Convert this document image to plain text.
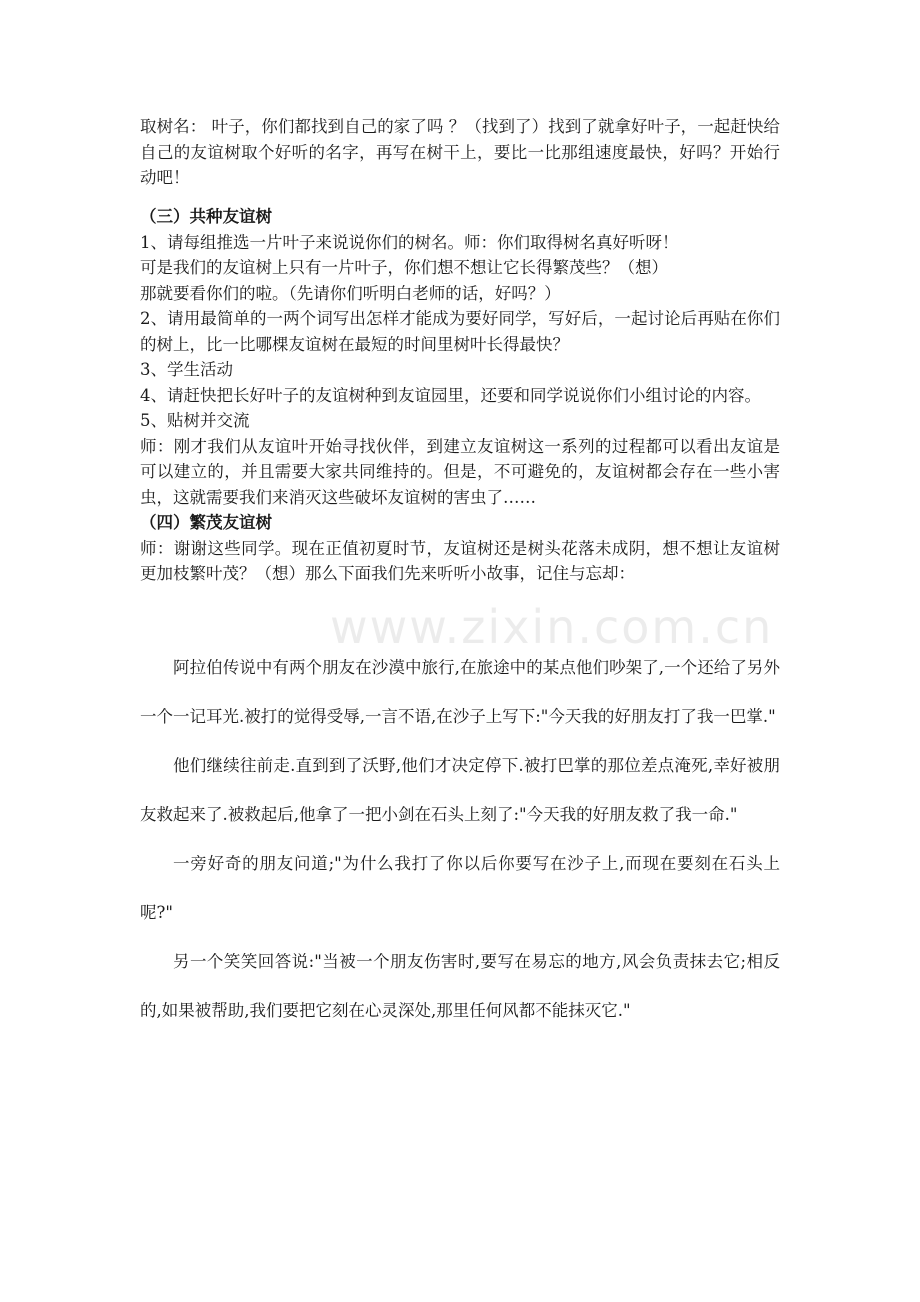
www.zixin.com.cn

取树名： 叶子，你们都找到自己的家了吗 ？（找到了）找到了就拿好叶子，一起赶快给自己的友谊树取个好听的名字，再写在树干上，要比一比那组速度最快，好吗？开始行动吧！

（三）共种友谊树

1、请每组推选一片叶子来说说你们的树名。师：你们取得树名真好听呀！

可是我们的友谊树上只有一片叶子，你们想不想让它长得繁茂些？（想）

那就要看你们的啦。（先请你们听明白老师的话，好吗？）

2、请用最简单的一两个词写出怎样才能成为要好同学，写好后，一起讨论后再贴在你们的树上，比一比哪棵友谊树在最短的时间里树叶长得最快？

3、学生活动

4、请赶快把长好叶子的友谊树种到友谊园里，还要和同学说说你们小组讨论的内容。

5、贴树并交流

师：刚才我们从友谊叶开始寻找伙伴，到建立友谊树这一系列的过程都可以看出友谊是可以建立的，并且需要大家共同维持的。但是，不可避免的，友谊树都会存在一些小害虫，这就需要我们来消灭这些破坏友谊树的害虫了……

（四）繁茂友谊树

师：谢谢这些同学。现在正值初夏时节，友谊树还是树头花落未成阴，想不想让友谊树更加枝繁叶茂？（想）那么下面我们先来听听小故事，记住与忘却：

阿拉伯传说中有两个朋友在沙漠中旅行,在旅途中的某点他们吵架了,一个还给了另外一个一记耳光.被打的觉得受辱,一言不语,在沙子上写下:"今天我的好朋友打了我一巴掌."

他们继续往前走.直到到了沃野,他们才决定停下.被打巴掌的那位差点淹死,幸好被朋友救起来了.被救起后,他拿了一把小剑在石头上刻了:"今天我的好朋友救了我一命."

一旁好奇的朋友问道;"为什么我打了你以后你要写在沙子上,而现在要刻在石头上呢?"

另一个笑笑回答说:"当被一个朋友伤害时,要写在易忘的地方,风会负责抹去它;相反的,如果被帮助,我们要把它刻在心灵深处,那里任何风都不能抹灭它."
